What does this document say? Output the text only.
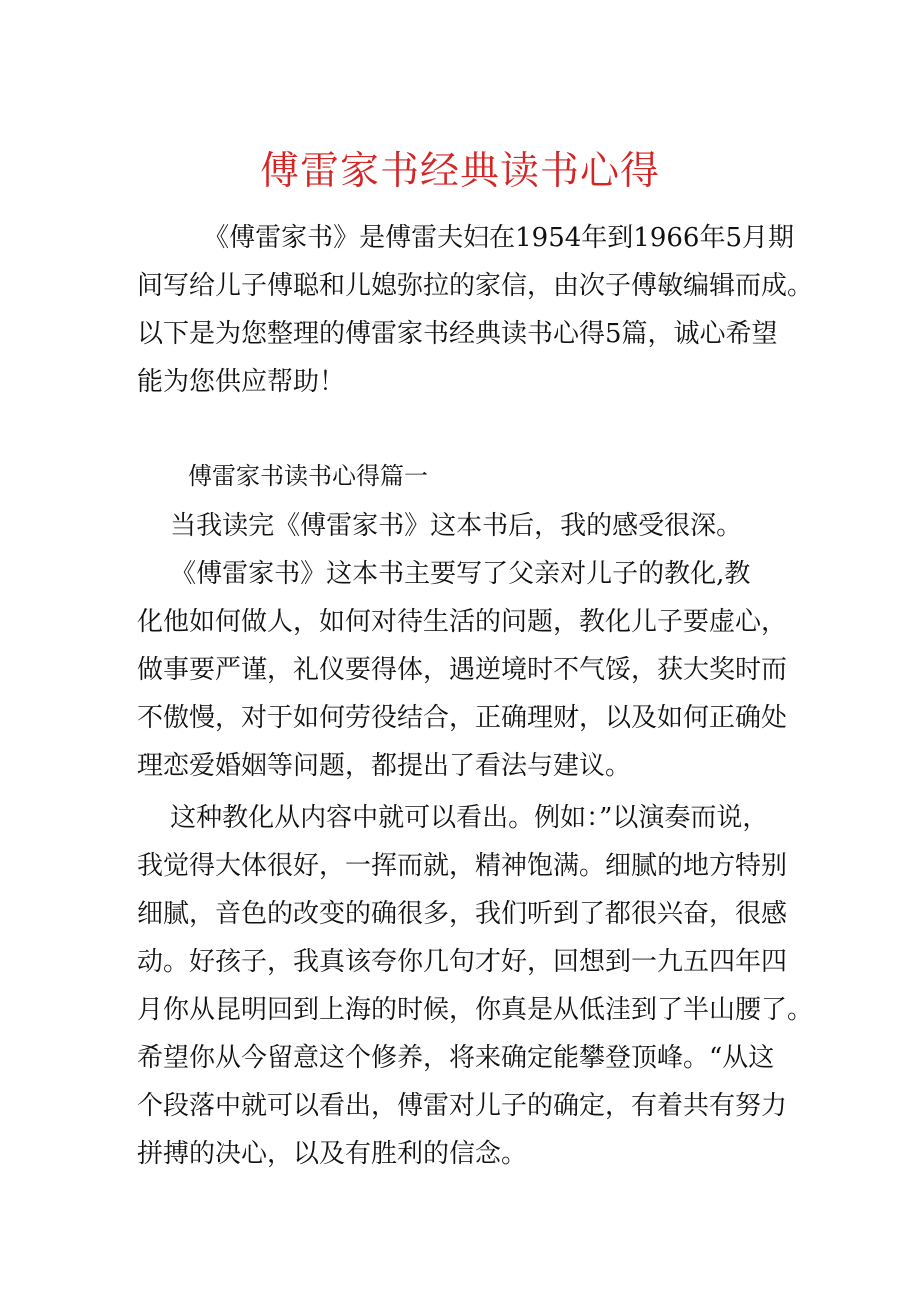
傅雷家书经典读书心得

《傅雷家书》是傅雷夫妇在1954年到1966年5月期
间写给儿子傅聪和儿媳弥拉的家信，由次子傅敏编辑而成。
以下是为您整理的傅雷家书经典读书心得5篇，诚心希望
能为您供应帮助！

傅雷家书读书心得篇一

当我读完《傅雷家书》这本书后，我的感受很深。

《傅雷家书》这本书主要写了父亲对儿子的教化,教
化他如何做人，如何对待生活的问题，教化儿子要虚心，
做事要严谨，礼仪要得体，遇逆境时不气馁，获大奖时而
不傲慢，对于如何劳役结合，正确理财，以及如何正确处
理恋爱婚姻等问题，都提出了看法与建议。

这种教化从内容中就可以看出。例如：”以演奏而说，
我觉得大体很好，一挥而就，精神饱满。细腻的地方特别
细腻，音色的改变的确很多，我们听到了都很兴奋，很感
动。好孩子，我真该夸你几句才好，回想到一九五四年四
月你从昆明回到上海的时候，你真是从低洼到了半山腰了。
希望你从今留意这个修养，将来确定能攀登顶峰。“从这
个段落中就可以看出，傅雷对儿子的确定，有着共有努力
拼搏的决心，以及有胜利的信念。
